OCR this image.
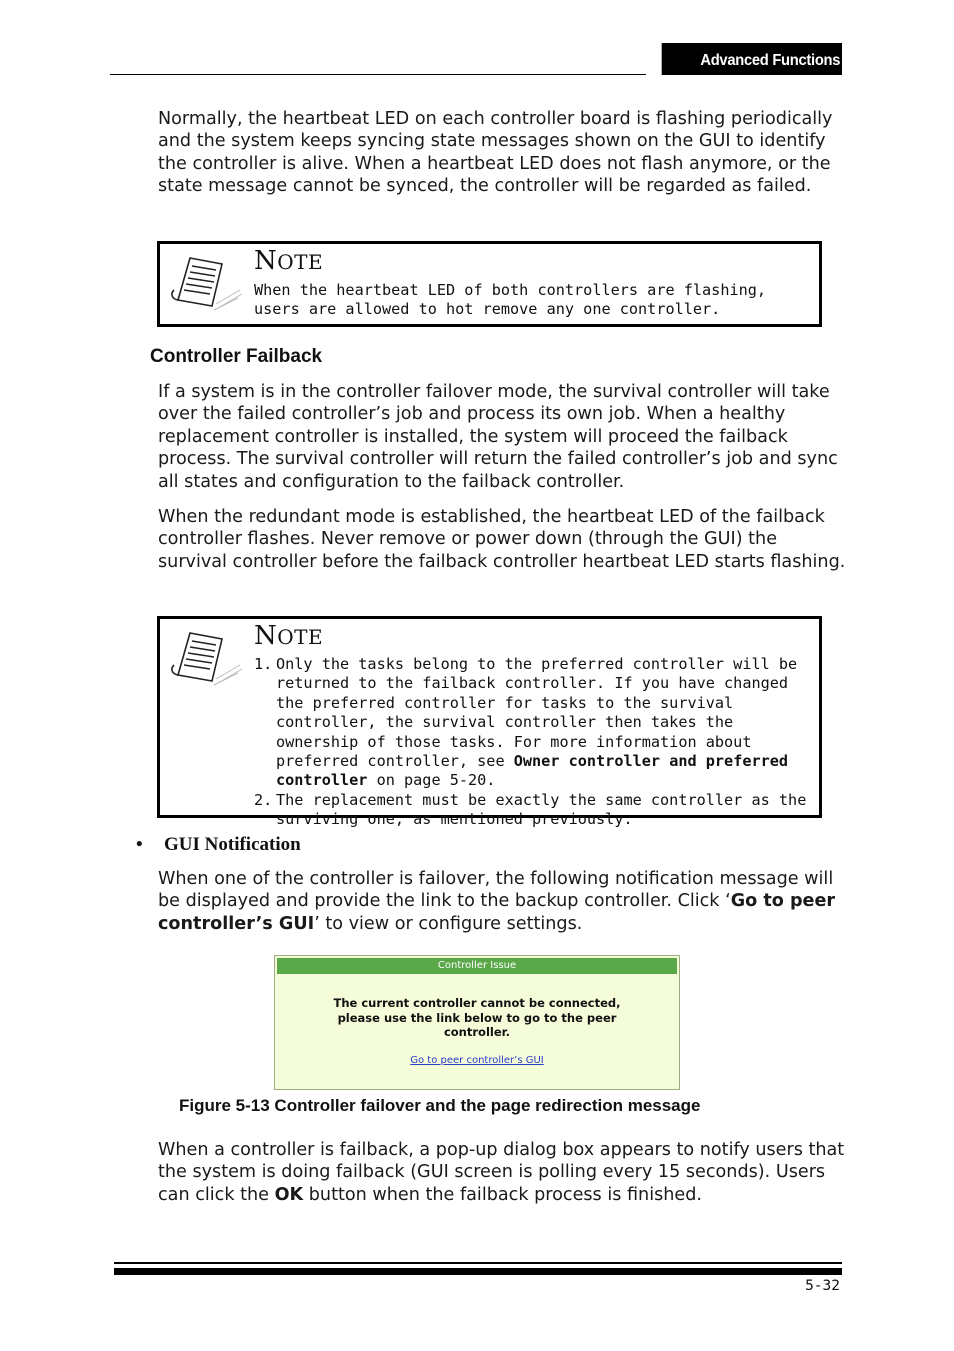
Advanced Functions
Normally, the heartbeat LED on each controller board is flashing periodically and the system keeps syncing state messages shown on the GUI to identify the controller is alive. When a heartbeat LED does not flash anymore, or the state message cannot be synced, the controller will be regarded as failed.
NOTE
When the heartbeat LED of both controllers are flashing, users are allowed to hot remove any one controller.
Controller Failback
If a system is in the controller failover mode, the survival controller will take over the failed controller’s job and process its own job. When a healthy replacement controller is installed, the system will proceed the failback process. The survival controller will return the failed controller’s job and sync all states and configuration to the failback controller.
When the redundant mode is established, the heartbeat LED of the failback controller flashes. Never remove or power down (through the GUI) the survival controller before the failback controller heartbeat LED starts flashing.
NOTE
1. Only the tasks belong to the preferred controller will be returned to the failback controller. If you have changed the preferred controller for tasks to the survival controller, the survival controller then takes the ownership of those tasks. For more information about preferred controller, see Owner controller and preferred controller on page 5-20.
2. The replacement must be exactly the same controller as the surviving one, as mentioned previously.
• GUI Notification
When one of the controller is failover, the following notification message will be displayed and provide the link to the backup controller. Click ‘Go to peer controller’s GUI’ to view or configure settings.
Controller Issue
The current controller cannot be connected,
please use the link below to go to the peer
controller.
Go to peer controller’s GUI
Figure 5-13 Controller failover and the page redirection message
When a controller is failback, a pop-up dialog box appears to notify users that the system is doing failback (GUI screen is polling every 15 seconds). Users can click the OK button when the failback process is finished.
5-32
